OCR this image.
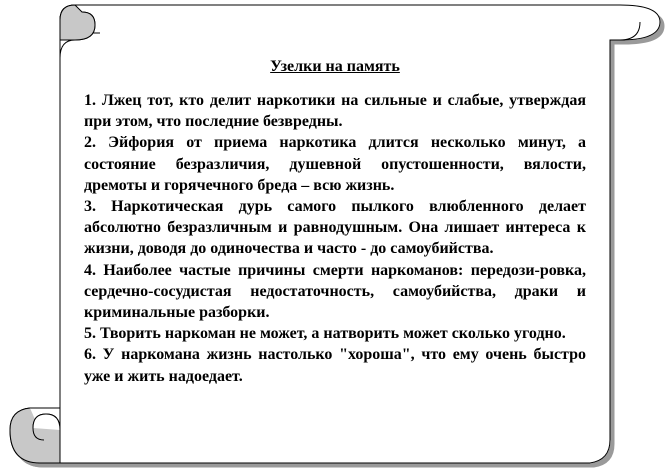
Узелки на память

1. Лжец тот, кто делит наркотики на сильные и слабые, утверждая при этом, что последние безвредны.

2. Эйфория от приема наркотика длится несколько минут, а состояние безразличия, душевной опустошенности, вялости, дремоты и горячечного бреда – всю жизнь.

3. Наркотическая дурь самого пылкого влюбленного делает абсолютно безразличным и равнодушным. Она лишает интереса к жизни, доводя до одиночества и часто - до самоубийства.

4. Наиболее частые причины смерти наркоманов: передози-ровка, сердечно-сосудистая недостаточность, самоубийства, драки и криминальные разборки.

5. Творить наркоман не может, а натворить может сколько угодно.

6. У наркомана жизнь настолько "хороша", что ему очень быстро уже и жить надоедает.
